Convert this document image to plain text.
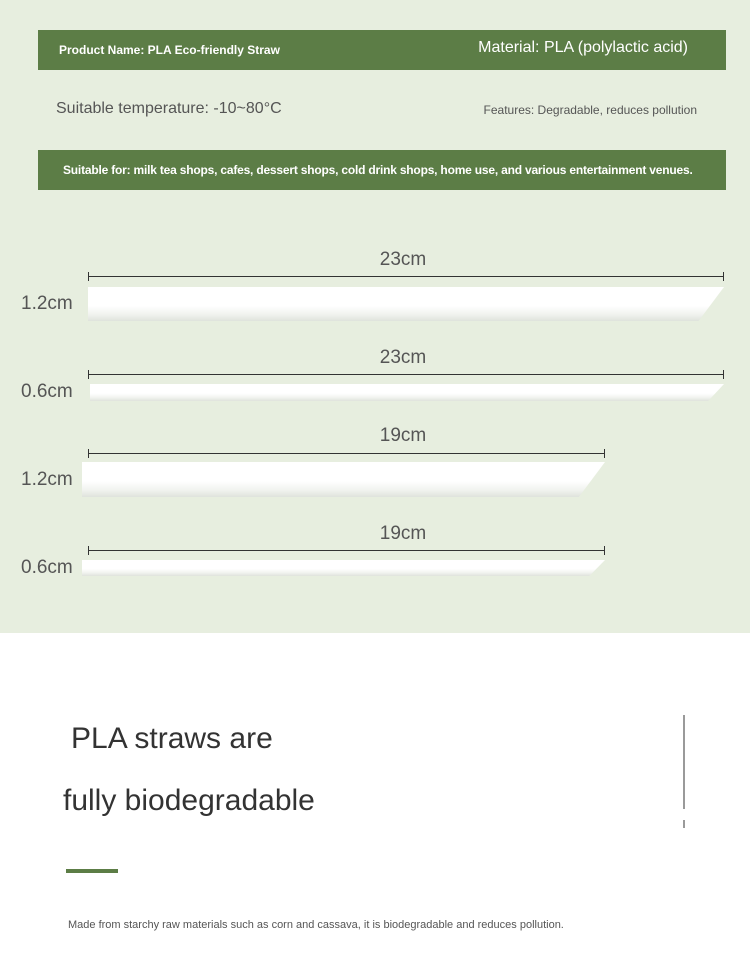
Product Name: PLA Eco-friendly Straw	Material: PLA (polylactic acid)
Suitable temperature: -10~80°C	Features: Degradable, reduces pollution
Suitable for: milk tea shops, cafes, dessert shops, cold drink shops, home use, and various entertainment venues.
23cm
1.2cm
23cm
0.6cm
19cm
1.2cm
19cm
0.6cm
PLA straws are
fully biodegradable
Made from starchy raw materials such as corn and cassava, it is biodegradable and reduces pollution.
